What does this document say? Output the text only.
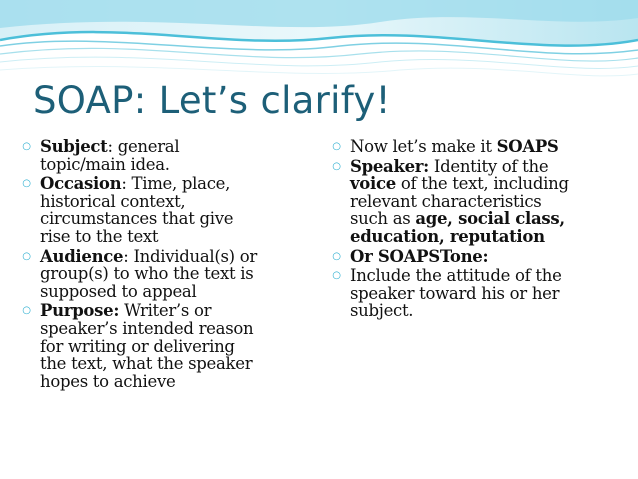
SOAP: Let’s clarify!
○ Subject: general
topic/main idea.
○ Occasion: Time, place,
historical context,
circumstances that give
rise to the text
○ Audience: Individual(s) or
group(s) to who the text is
supposed to appeal
○ Purpose: Writer’s or
speaker’s intended reason
for writing or delivering
the text, what the speaker
hopes to achieve
○ Now let’s make it SOAPS
○ Speaker: Identity of the
voice of the text, including
relevant characteristics
such as age, social class,
education, reputation
○ Or SOAPSTone:
○ Include the attitude of the
speaker toward his or her
subject.
